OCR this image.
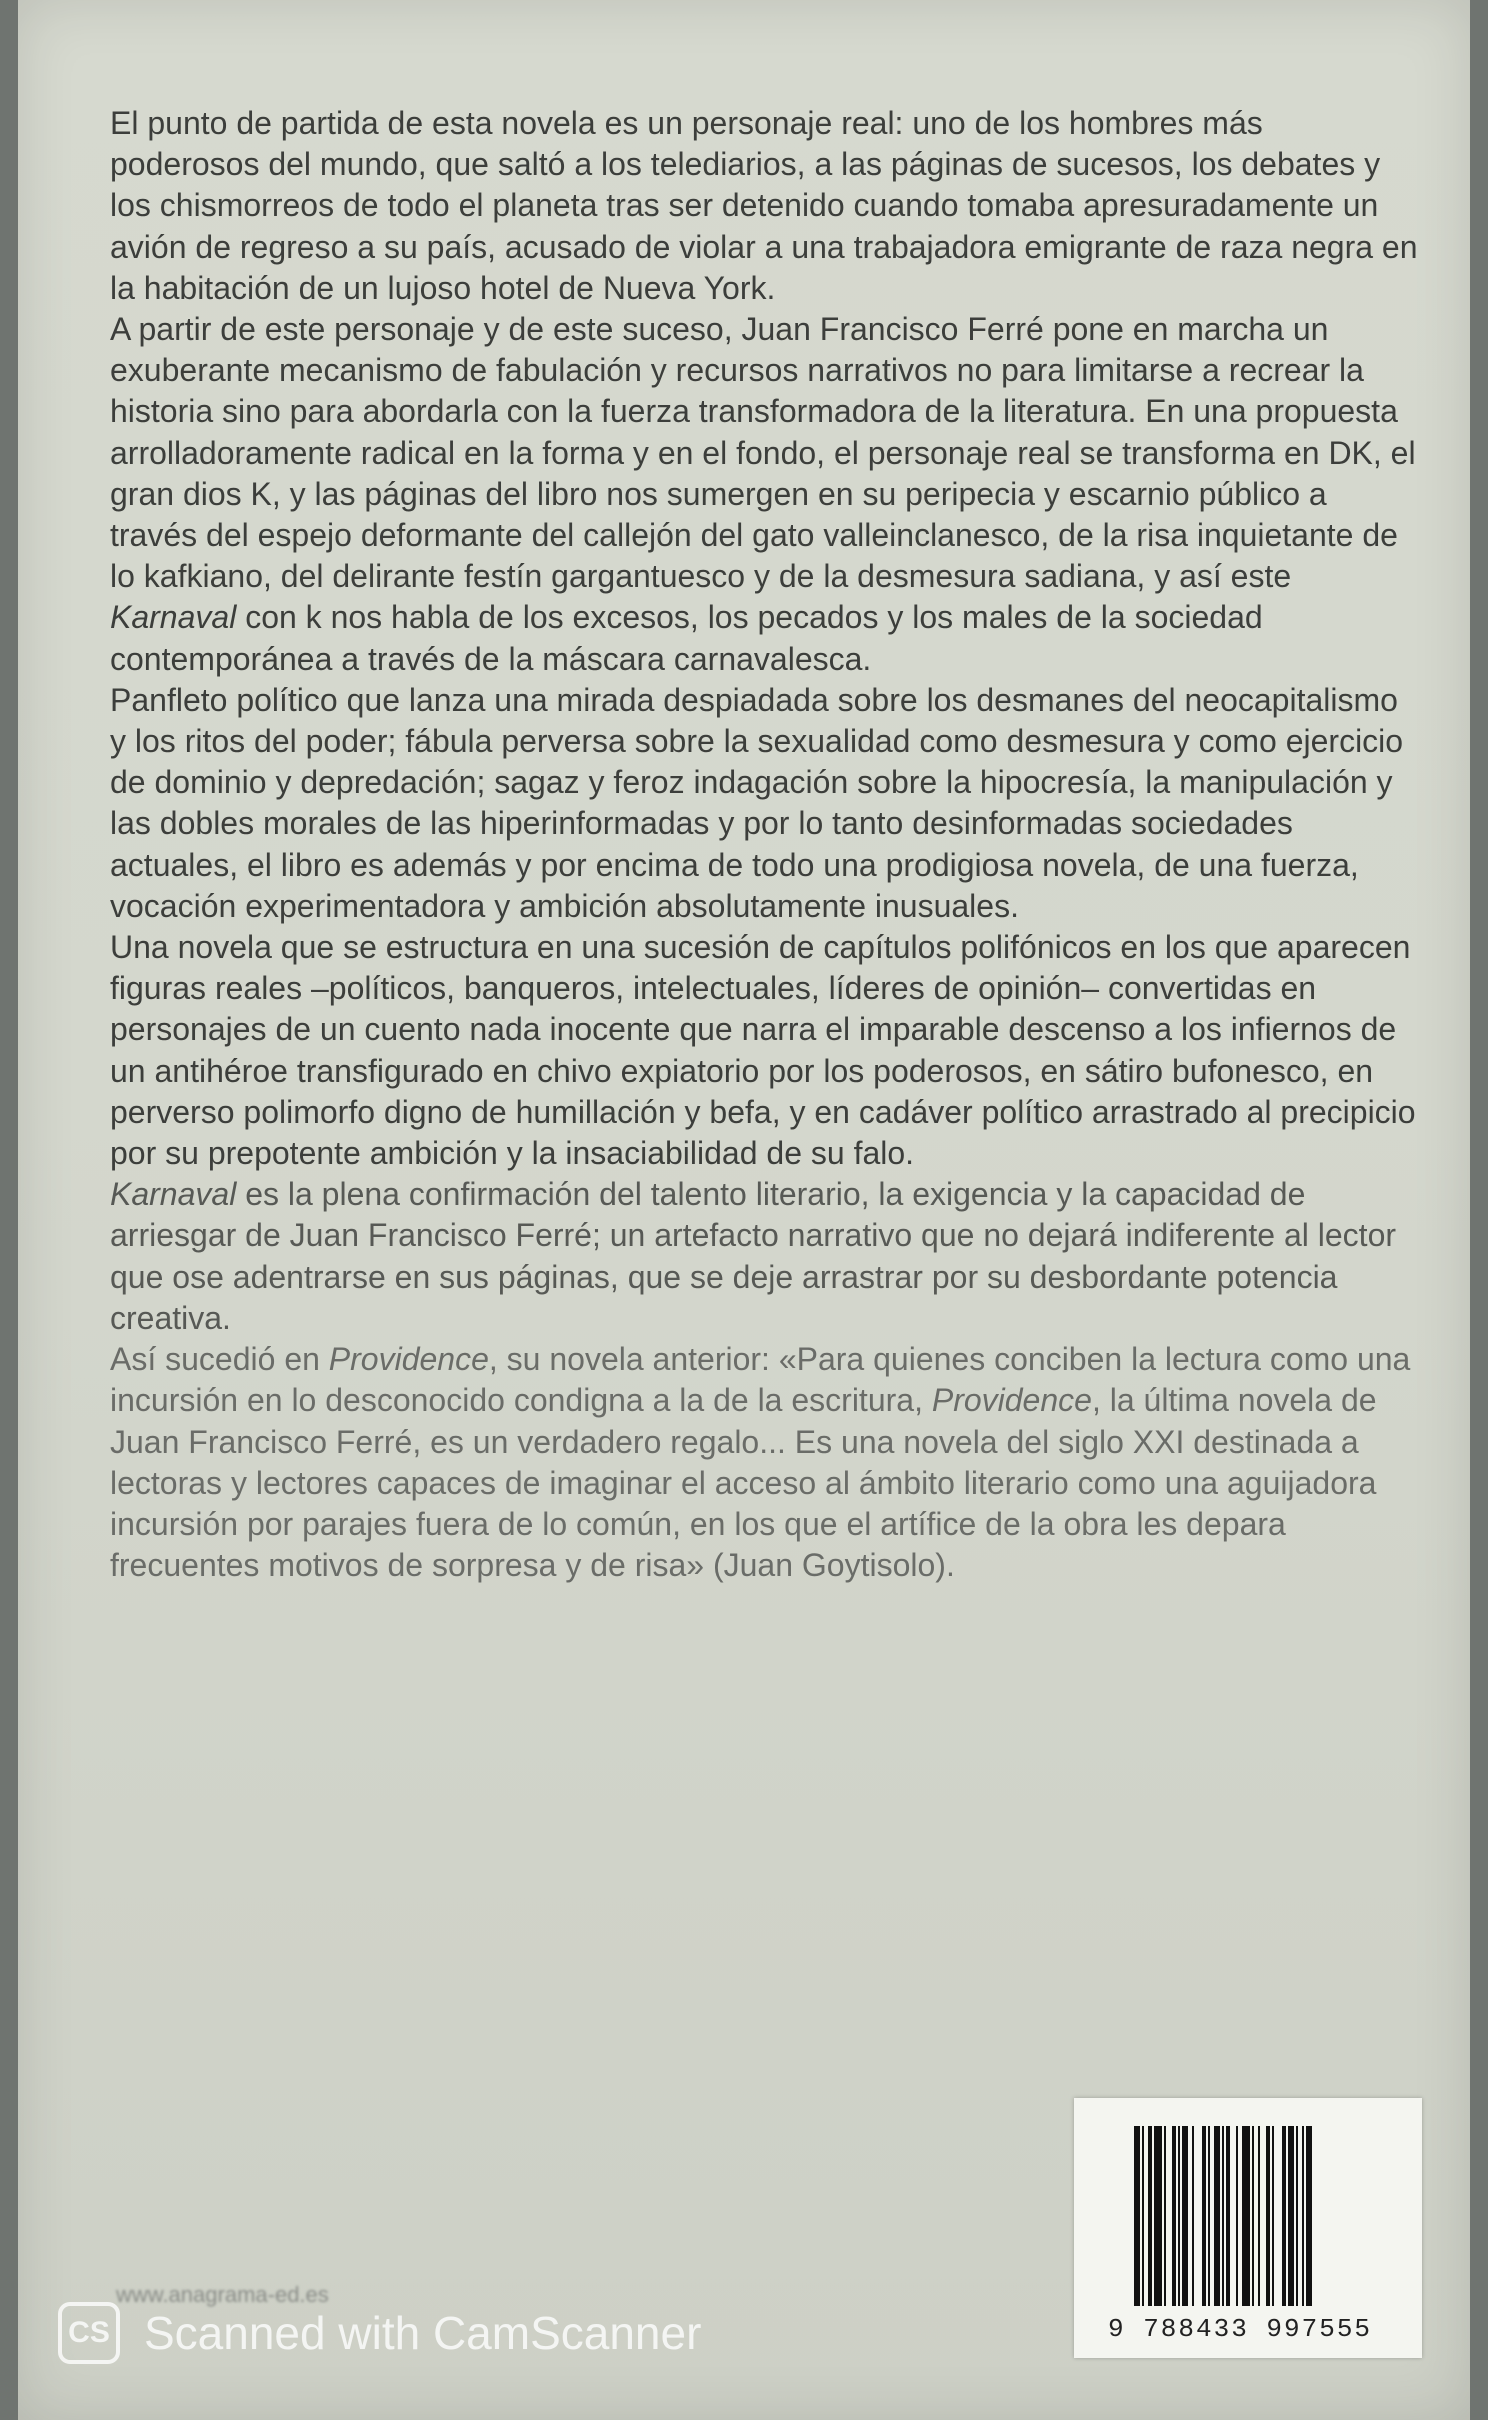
El punto de partida de esta novela es un personaje real: uno de los hombres más poderosos del mundo, que saltó a los telediarios, a las páginas de sucesos, los debates y los chismorreos de todo el planeta tras ser detenido cuando tomaba apresuradamente un avión de regreso a su país, acusado de violar a una trabajadora emigrante de raza negra en la habitación de un lujoso hotel de Nueva York.

A partir de este personaje y de este suceso, Juan Francisco Ferré pone en marcha un exuberante mecanismo de fabulación y recursos narrativos no para limitarse a recrear la historia sino para abordarla con la fuerza transformadora de la literatura. En una propuesta arrolladoramente radical en la forma y en el fondo, el personaje real se transforma en DK, el gran dios K, y las páginas del libro nos sumergen en su peripecia y escarnio público a través del espejo deformante del callejón del gato valleinclanesco, de la risa inquietante de lo kafkiano, del delirante festín gargantuesco y de la desmesura sadiana, y así este Karnaval con k nos habla de los excesos, los pecados y los males de la sociedad contemporánea a través de la máscara carnavalesca.

Panfleto político que lanza una mirada despiadada sobre los desmanes del neocapitalismo y los ritos del poder; fábula perversa sobre la sexualidad como desmesura y como ejercicio de dominio y depredación; sagaz y feroz indagación sobre la hipocresía, la manipulación y las dobles morales de las hiperinformadas y por lo tanto desinformadas sociedades actuales, el libro es además y por encima de todo una prodigiosa novela, de una fuerza, vocación experimentadora y ambición absolutamente inusuales.

Una novela que se estructura en una sucesión de capítulos polifónicos en los que aparecen figuras reales –políticos, banqueros, intelectuales, líderes de opinión– convertidas en personajes de un cuento nada inocente que narra el imparable descenso a los infiernos de un antihéroe transfigurado en chivo expiatorio por los poderosos, en sátiro bufonesco, en perverso polimorfo digno de humillación y befa, y en cadáver político arrastrado al precipicio por su prepotente ambición y la insaciabilidad de su falo.

Karnaval es la plena confirmación del talento literario, la exigencia y la capacidad de arriesgar de Juan Francisco Ferré; un artefacto narrativo que no dejará indiferente al lector que ose adentrarse en sus páginas, que se deje arrastrar por su desbordante potencia creativa.

Así sucedió en Providence, su novela anterior: «Para quienes conciben la lectura como una incursión en lo desconocido condigna a la de la escritura, Providence, la última novela de Juan Francisco Ferré, es un verdadero regalo... Es una novela del siglo XXI destinada a lectoras y lectores capaces de imaginar el acceso al ámbito literario como una aguijadora incursión por parajes fuera de lo común, en los que el artífice de la obra les depara frecuentes motivos de sorpresa y de risa» (Juan Goytisolo).

www.anagrama-ed.es
9 788433 997555
CS Scanned with CamScanner
